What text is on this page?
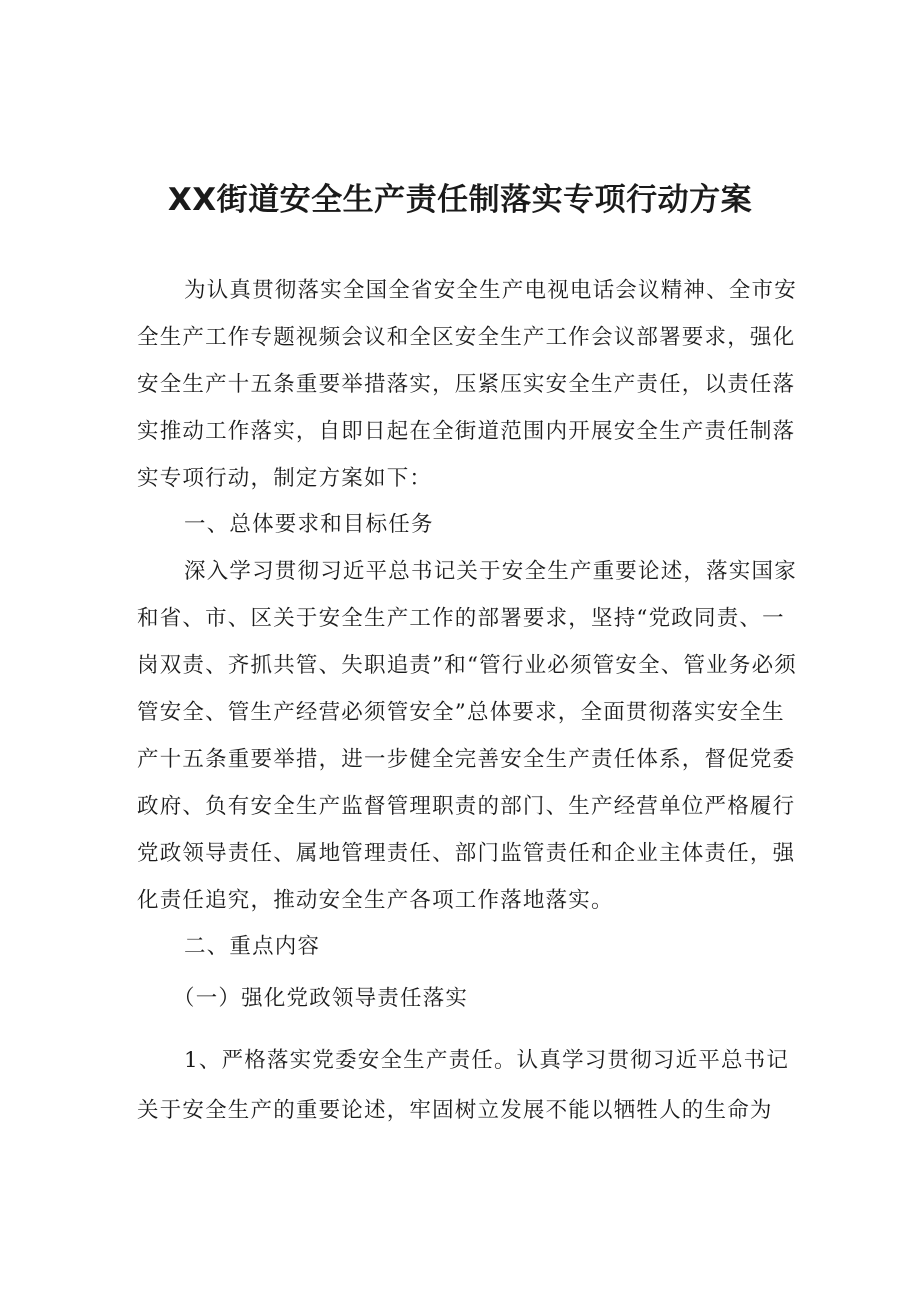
XX街道安全生产责任制落实专项行动方案

为认真贯彻落实全国全省安全生产电视电话会议精神、全市安全生产工作专题视频会议和全区安全生产工作会议部署要求，强化安全生产十五条重要举措落实，压紧压实安全生产责任，以责任落实推动工作落实，自即日起在全街道范围内开展安全生产责任制落实专项行动，制定方案如下：

一、总体要求和目标任务

深入学习贯彻习近平总书记关于安全生产重要论述，落实国家和省、市、区关于安全生产工作的部署要求，坚持“党政同责、一岗双责、齐抓共管、失职追责”和“管行业必须管安全、管业务必须管安全、管生产经营必须管安全”总体要求，全面贯彻落实安全生产十五条重要举措，进一步健全完善安全生产责任体系，督促党委政府、负有安全生产监督管理职责的部门、生产经营单位严格履行党政领导责任、属地管理责任、部门监管责任和企业主体责任，强化责任追究，推动安全生产各项工作落地落实。

二、重点内容

（一）强化党政领导责任落实

1、严格落实党委安全生产责任。认真学习贯彻习近平总书记关于安全生产的重要论述，牢固树立发展不能以牺牲人的生命为
